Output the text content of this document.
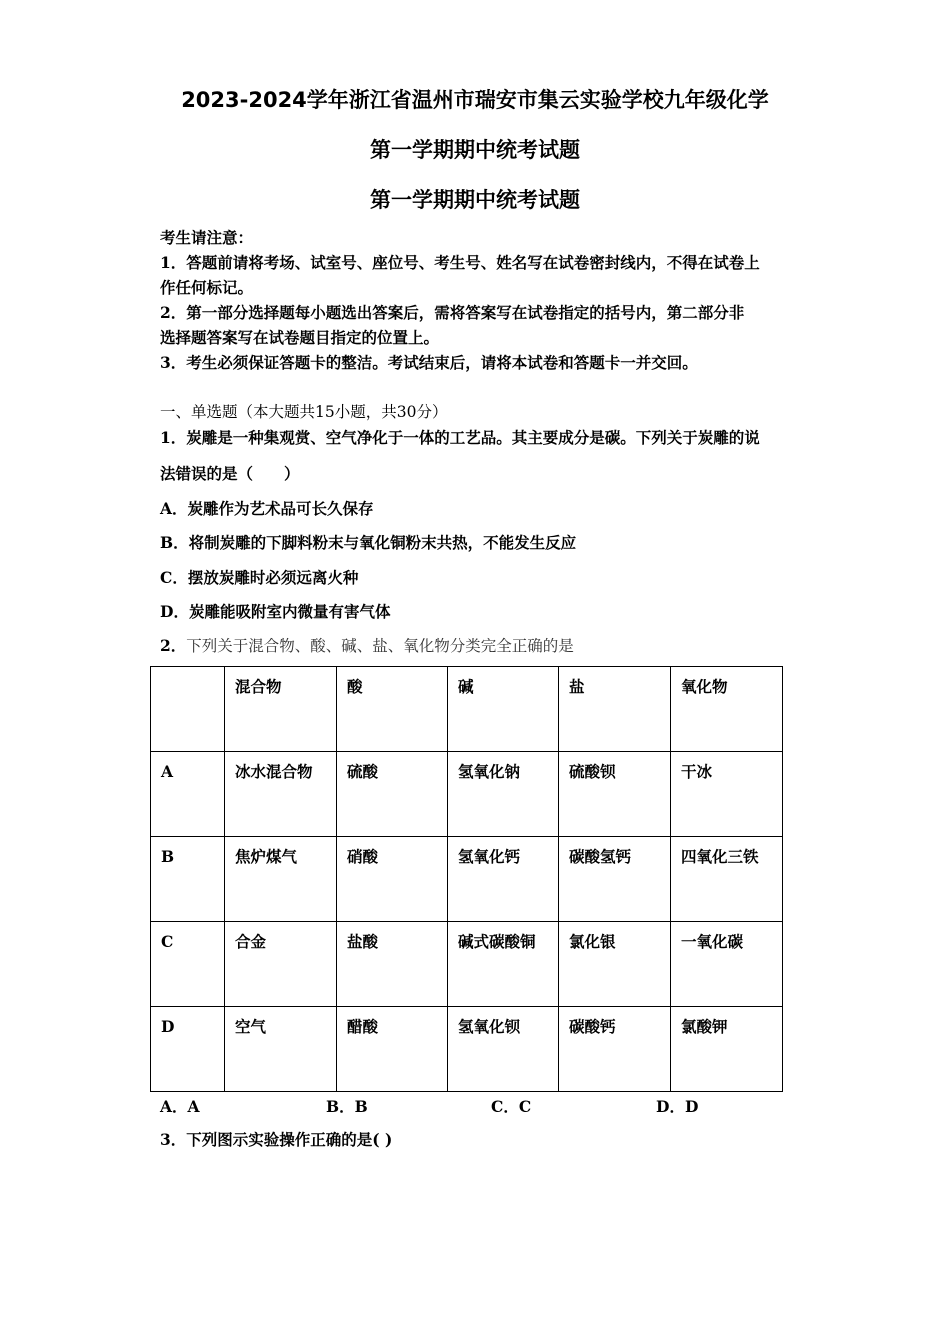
2023-2024学年浙江省温州市瑞安市集云实验学校九年级化学
第一学期期中统考试题
第一学期期中统考试题
考生请注意：
1．答题前请将考场、试室号、座位号、考生号、姓名写在试卷密封线内，不得在试卷上
作任何标记。
2．第一部分选择题每小题选出答案后，需将答案写在试卷指定的括号内，第二部分非
选择题答案写在试卷题目指定的位置上。
3．考生必须保证答题卡的整洁。考试结束后，请将本试卷和答题卡一并交回。
一、单选题（本大题共15小题，共30分）
1．炭雕是一种集观赏、空气净化于一体的工艺品。其主要成分是碳。下列关于炭雕的说
法错误的是（　　）
A．炭雕作为艺术品可长久保存
B．将制炭雕的下脚料粉末与氧化铜粉末共热，不能发生反应
C．摆放炭雕时必须远离火种
D．炭雕能吸附室内微量有害气体
2．下列关于混合物、酸、碱、盐、氧化物分类完全正确的是
	混合物	酸	碱	盐	氧化物
A	冰水混合物	硫酸	氢氧化钠	硫酸钡	干冰
B	焦炉煤气	硝酸	氢氧化钙	碳酸氢钙	四氧化三铁
C	合金	盐酸	碱式碳酸铜	氯化银	一氧化碳
D	空气	醋酸	氢氧化钡	碳酸钙	氯酸钾
A．A	B．B	C．C	D．D
3．下列图示实验操作正确的是( )
